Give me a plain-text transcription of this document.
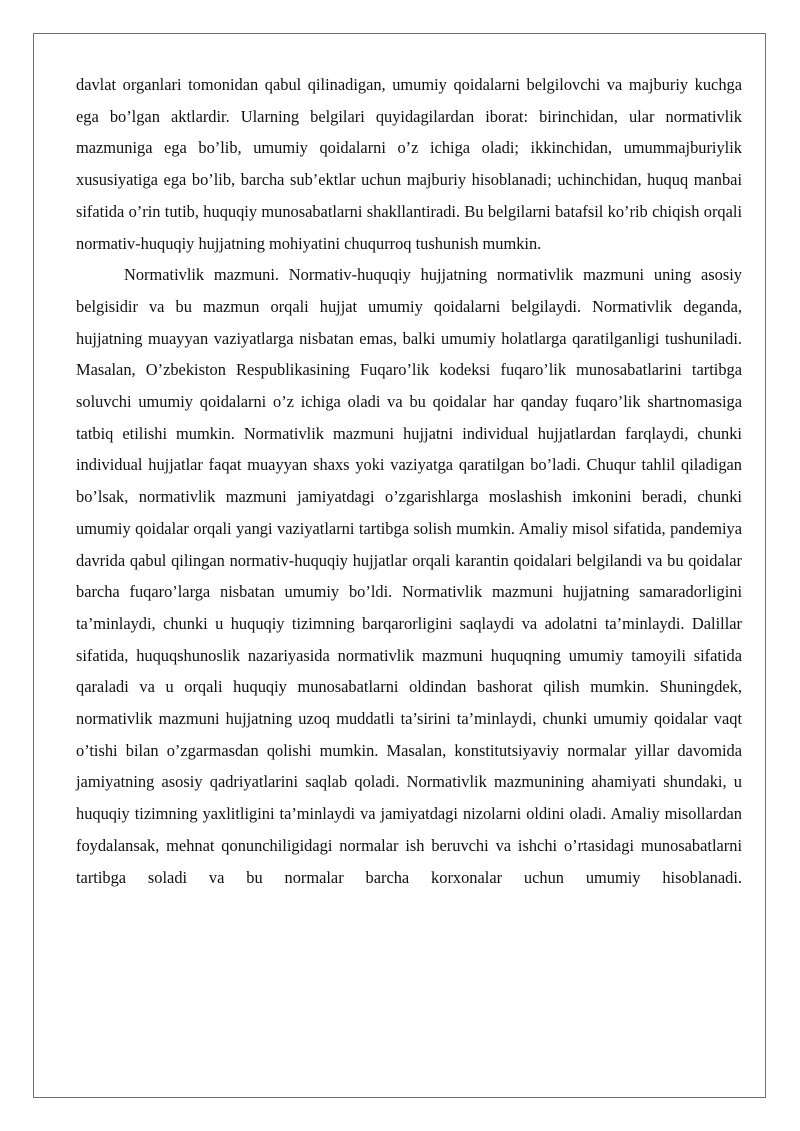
davlat organlari tomonidan qabul qilinadigan, umumiy qoidalarni belgilovchi va majburiy kuchga ega bo’lgan aktlardir. Ularning belgilari quyidagilardan iborat: birinchidan, ular normativlik mazmuniga ega bo’lib, umumiy qoidalarni o’z ichiga oladi; ikkinchidan, umummajburiylik xususiyatiga ega bo’lib, barcha sub’ektlar uchun majburiy hisoblanadi; uchinchidan, huquq manbai sifatida o’rin tutib, huquqiy munosabatlarni shakllantiradi. Bu belgilarni batafsil ko’rib chiqish orqali normativ-huquqiy hujjatning mohiyatini chuqurroq tushunish mumkin.

Normativlik mazmuni. Normativ-huquqiy hujjatning normativlik mazmuni uning asosiy belgisidir va bu mazmun orqali hujjat umumiy qoidalarni belgilaydi. Normativlik deganda, hujjatning muayyan vaziyatlarga nisbatan emas, balki umumiy holatlarga qaratilganligi tushuniladi. Masalan, O’zbekiston Respublikasining Fuqaro’lik kodeksi fuqaro’lik munosabatlarini tartibga soluvchi umumiy qoidalarni o’z ichiga oladi va bu qoidalar har qanday fuqaro’lik shartnomasiga tatbiq etilishi mumkin. Normativlik mazmuni hujjatni individual hujjatlardan farqlaydi, chunki individual hujjatlar faqat muayyan shaxs yoki vaziyatga qaratilgan bo’ladi. Chuqur tahlil qiladigan bo’lsak, normativlik mazmuni jamiyatdagi o’zgarishlarga moslashish imkonini beradi, chunki umumiy qoidalar orqali yangi vaziyatlarni tartibga solish mumkin. Amaliy misol sifatida, pandemiya davrida qabul qilingan normativ-huquqiy hujjatlar orqali karantin qoidalari belgilandi va bu qoidalar barcha fuqaro’larga nisbatan umumiy bo’ldi. Normativlik mazmuni hujjatning samaradorligini ta’minlaydi, chunki u huquqiy tizimning barqarorligini saqlaydi va adolatni ta’minlaydi. Dalillar sifatida, huquqshunoslik nazariyasida normativlik mazmuni huquqning umumiy tamoyili sifatida qaraladi va u orqali huquqiy munosabatlarni oldindan bashorat qilish mumkin. Shuningdek, normativlik mazmuni hujjatning uzoq muddatli ta’sirini ta’minlaydi, chunki umumiy qoidalar vaqt o’tishi bilan o’zgarmasdan qolishi mumkin. Masalan, konstitutsiyaviy normalar yillar davomida jamiyatning asosiy qadriyatlarini saqlab qoladi. Normativlik mazmunining ahamiyati shundaki, u huquqiy tizimning yaxlitligini ta’minlaydi va jamiyatdagi nizolarni oldini oladi. Amaliy misollardan foydalansak, mehnat qonunchiligidagi normalar ish beruvchi va ishchi o’rtasidagi munosabatlarni tartibga soladi va bu normalar barcha korxonalar uchun umumiy hisoblanadi.
